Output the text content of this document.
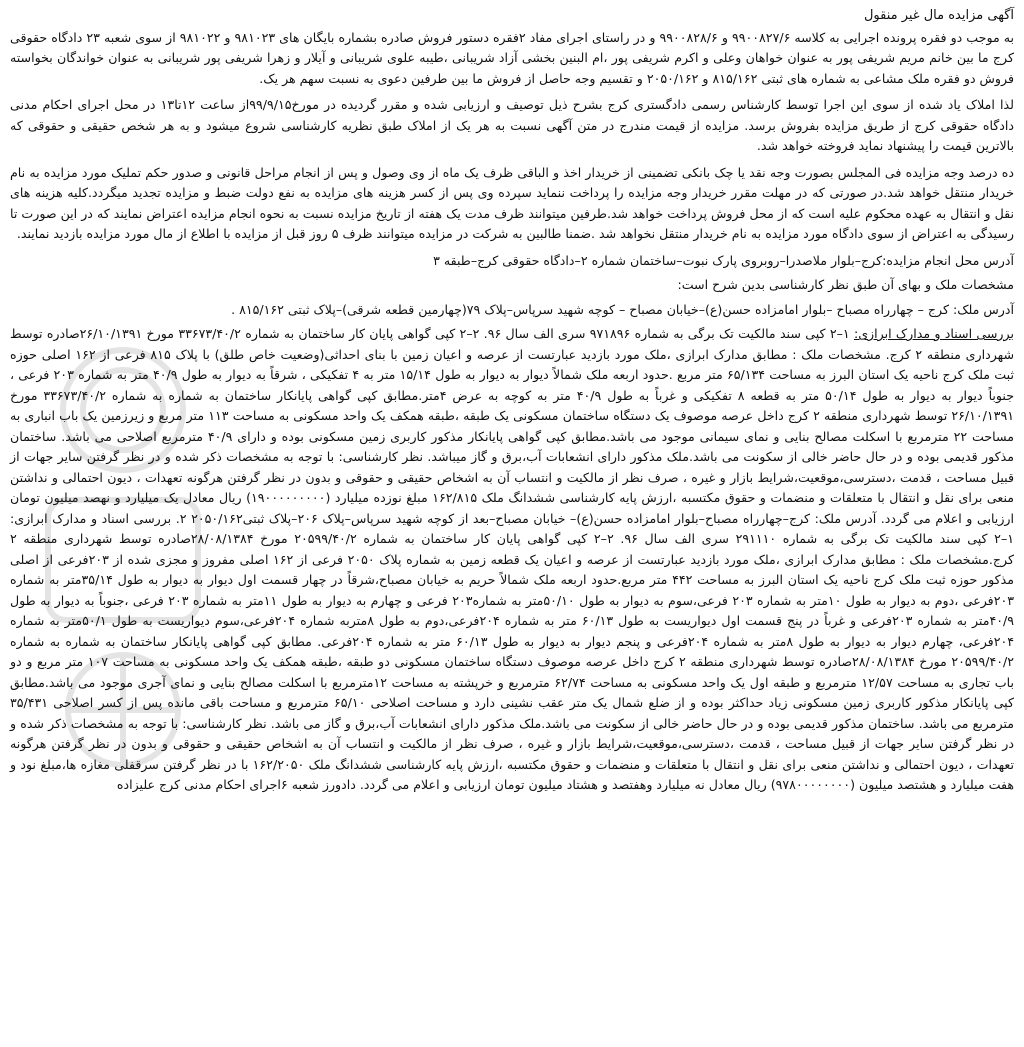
آگهی مزایده مال غیر منقول

به موجب دو فقره پرونده اجرایی به کلاسه ۹۹۰۰۸۲۷/۶ و ۹۹۰۰۸۲۸/۶ و در راستای اجرای مفاد ۲فقره دستور فروش صادره بشماره بایگان های ۹۸۱۰۲۳ و ۹۸۱۰۲۲ از سوی شعبه ۲۳ دادگاه حقوقی کرج ما بین خانم مریم شریفی پور به عنوان خواهان وعلی و اکرم شریفی پور ،ام البنین بخشی آزاد شریبانی ،طیبه علوی شریبانی و آیلار و زهرا شریفی پور شریبانی به عنوان خواندگان بخواسته فروش دو فقره ملک مشاعی به شماره های ثبتی ۸۱۵/۱۶۲ و ۲۰۵۰/۱۶۲ و تقسیم وجه حاصل از فروش ما بین طرفین دعوی به نسبت سهم هر یک.

لذا املاک یاد شده از سوی این اجرا توسط کارشناس رسمی دادگستری کرج بشرح ذیل توصیف و ارزیابی شده و مقرر گردیده در مورخ۹۹/۹/۱۵از ساعت ۱۲تا۱۳ در محل اجرای احکام مدنی دادگاه حقوقی کرج از طریق مزایده بفروش برسد. مزایده از قیمت مندرج در متن آگهی نسبت به هر یک از املاک طبق نظریه کارشناسی شروع میشود و به هر شخص حقیقی و حقوقی که بالاترین قیمت را پیشنهاد نماید فروخته خواهد شد.

ده درصد وجه مزایده فی المجلس بصورت وجه نقد یا چک بانکی تضمینی از خریدار اخذ و الباقی ظرف یک ماه از وی وصول و پس از انجام مراحل قانونی و صدور حکم تملیک مورد مزایده به نام خریدار منتقل خواهد شد.در صورتی که در مهلت مقرر خریدار وجه مزایده را پرداخت ننماید سپرده وی پس از کسر هزینه های مزایده به نفع دولت ضبط و مزایده تجدید میگردد.کلیه هزینه های نقل و انتقال به عهده محکوم علیه است که از محل فروش پرداخت خواهد شد.طرفین میتوانند ظرف مدت یک هفته از تاریخ مزایده نسبت به نحوه انجام مزایده اعتراض نمایند که در این صورت تا رسیدگی به اعتراض از سوی دادگاه مورد مزایده به نام خریدار منتقل نخواهد شد .ضمنا طالبین به شرکت در مزایده میتوانند ظرف ۵ روز قبل از مزایده با اطلاع از مال مورد مزایده بازدید نمایند.

آدرس محل انجام مزایده:کرج–بلوار ملاصدرا–روبروی پارک نبوت–ساختمان شماره ۲–دادگاه حقوقی کرج–طبقه ۳

مشخصات ملک و بهای آن طبق نظر کارشناسی بدین شرح است:

آدرس ملک: کرج – چهارراه مصباح –بلوار امامزاده حسن(ع)–خیابان مصباح – کوچه شهید سرپاس–پلاک ۷۹(چهارمین قطعه شرقی)–پلاک ثبتی ۸۱۵/۱۶۲ .

بررسی اسناد و مدارک ابرازی: ۱–۲ کپی سند مالکیت تک برگی به شماره ۹۷۱۸۹۶ سری الف سال ۹۶. ۲–۲ کپی گواهی پایان کار ساختمان به شماره ۳۳۶۷۳/۴۰/۲ مورخ ۲۶/۱۰/۱۳۹۱صادره توسط شهرداری منطقه ۲ کرج. مشخصات ملک : مطابق مدارک ابرازی ،ملک مورد بازدید عبارتست از عرصه و اعیان زمین با بنای احداثی(وضعیت خاص طلق) با پلاک ۸۱۵ فرعی از ۱۶۲ اصلی حوزه ثبت ملک کرج ناحیه یک استان البرز به مساحت ۶۵/۱۳۴ متر مربع .حدود اربعه ملک شمالاً دیوار به دیوار به طول ۱۵/۱۴ متر به ۴ تفکیکی ، شرقاً به دیوار به طول ۴۰/۹ متر به شماره ۲۰۳ فرعی ، جنوباً دیوار به دیوار به طول ۵۰/۱۴ متر به قطعه ۸ تفکیکی و غرباً به طول ۴۰/۹ متر به کوچه به عرض ۴متر.مطابق کپی گواهی پایانکار ساختمان به شماره به شماره ۳۳۶۷۳/۴۰/۲ مورخ ۲۶/۱۰/۱۳۹۱ توسط شهرداری منطقه ۲ کرج داخل عرصه موصوف یک دستگاه ساختمان مسکونی یک طبقه ،طبقه همکف یک واحد مسکونی به مساحت ۱۱۳ متر مربع و زیرزمین یک باب انباری به مساحت ۲۲ مترمربع با اسکلت مصالح بنایی و نمای سیمانی موجود می باشد.مطابق کپی گواهی پایانکار مذکور کاربری زمین مسکونی بوده و دارای ۴۰/۹ مترمربع اصلاحی می باشد. ساختمان مذکور قدیمی بوده و در حال حاضر خالی از سکونت می باشد.ملک مذکور دارای انشعابات آب،برق و گاز میباشد. نظر کارشناسی: با توجه به مشخصات ذکر شده و در نظر گرفتن سایر جهات از قبیل مساحت ، قدمت ،دسترسی،موقعیت،شرایط بازار و غیره ، صرف نظر از مالکیت و انتساب آن به اشخاص حقیقی و حقوقی و بدون در نظر گرفتن هرگونه تعهدات ، دیون احتمالی و نداشتن منعی برای نقل و انتقال با متعلقات و منضمات و حقوق مکتسبه ،ارزش پایه کارشناسی ششدانگ ملک ۱۶۲/۸۱۵ مبلغ نوزده میلیارد (۱۹۰۰۰۰۰۰۰۰۰) ریال معادل یک میلیارد و نهصد میلیون تومان ارزیابی و اعلام می گردد. آدرس ملک: کرج–چهارراه مصباح–بلوار امامزاده حسن(ع)– خیابان مصباح–بعد از کوچه شهید سرپاس–پلاک ۲۰۶–پلاک ثبتی۲۰۵۰/۱۶۲ ۲. بررسی اسناد و مدارک ابرازی: ۱–۲ کپی سند مالکیت تک برگی به شماره ۲۹۱۱۱۰ سری الف سال ۹۶. ۲–۲ کپی گواهی پایان کار ساختمان به شماره ۲۰۵۹۹/۴۰/۲ مورخ ۲۸/۰۸/۱۳۸۴صادره توسط شهرداری منطقه ۲ کرج.مشخصات ملک : مطابق مدارک ابرازی ،ملک مورد بازدید عبارتست از عرصه و اعیان یک قطعه زمین به شماره پلاک ۲۰۵۰ فرعی از ۱۶۲ اصلی مفروز و مجزی شده از ۲۰۳فرعی از اصلی مذکور حوزه ثبت ملک کرج ناحیه یک استان البرز به مساحت ۴۴۲ متر مربع.حدود اربعه ملک شمالاً حریم به خیابان مصباح،شرقاً در چهار قسمت اول دیوار به دیوار به طول ۳۵/۱۴متر به شماره ۲۰۳فرعی ،دوم به دیوار به طول ۱۰متر به شماره ۲۰۳ فرعی،سوم به دیوار به طول ۵۰/۱۰متر به شماره۲۰۳ فرعی و چهارم به دیوار به طول ۱۱متر به شماره ۲۰۳ فرعی ،جنوباً به دیوار به طول ۴۰/۹متر به شماره ۲۰۳فرعی و غرباً در پنج قسمت اول دیواریست به طول ۶۰/۱۳ متر به شماره ۲۰۴فرعی،دوم به طول ۸متربه شماره ۲۰۴فرعی،سوم دیواریست به طول ۵۰/۱متر به شماره ۲۰۴فرعی، چهارم دیوار به دیوار به طول ۸متر به شماره ۲۰۴فرعی و پنجم دیوار به دیوار به طول ۶۰/۱۳ متر به شماره ۲۰۴فرعی. مطابق کپی گواهی پایانکار ساختمان به شماره به شماره ۲۰۵۹۹/۴۰/۲ مورخ ۲۸/۰۸/۱۳۸۴صادره توسط شهرداری منطقه ۲ کرج داخل عرصه موصوف دستگاه ساختمان مسکونی دو طبقه ،طبقه همکف یک واحد مسکونی به مساحت ۱۰۷ متر مربع و دو باب تجاری به مساحت ۱۲/۵۷ مترمربع و طبقه اول یک واحد مسکونی به مساحت ۶۲/۷۴ مترمربع و خرپشته به مساحت ۱۲مترمربع با اسکلت مصالح بنایی و نمای آجری موجود می باشد.مطابق کپی پایانکار مذکور کاربری زمین مسکونی زیاد حداکثر بوده و از ضلع شمال یک متر عقب نشینی دارد و مساحت اصلاحی ۶۵/۱۰ مترمربع و مساحت باقی مانده پس از کسر اصلاحی ۳۵/۴۳۱ مترمربع می باشد. ساختمان مذکور قدیمی بوده و در حال حاضر خالی از سکونت می باشد.ملک مذکور دارای انشعابات آب،برق و گاز می باشد. نظر کارشناسی: با توجه به مشخصات ذکر شده و در نظر گرفتن سایر جهات از قبیل مساحت ، قدمت ،دسترسی،موقعیت،شرایط بازار و غیره ، صرف نظر از مالکیت و انتساب آن به اشخاص حقیقی و حقوقی و بدون در نظر گرفتن هرگونه تعهدات ، دیون احتمالی و نداشتن منعی برای نقل و انتقال با متعلقات و منضمات و حقوق مکتسبه ،ارزش پایه کارشناسی ششدانگ ملک ۱۶۲/۲۰۵۰ با در نظر گرفتن سرقفلی مغازه ها،مبلغ نود و هفت میلیارد و هشتصد میلیون (۹۷۸۰۰۰۰۰۰۰۰) ریال معادل نه میلیارد وهفتصد و هشتاد میلیون تومان ارزیابی و اعلام می گردد. دادورز شعبه ۶اجرای احکام مدنی کرج علیزاده
